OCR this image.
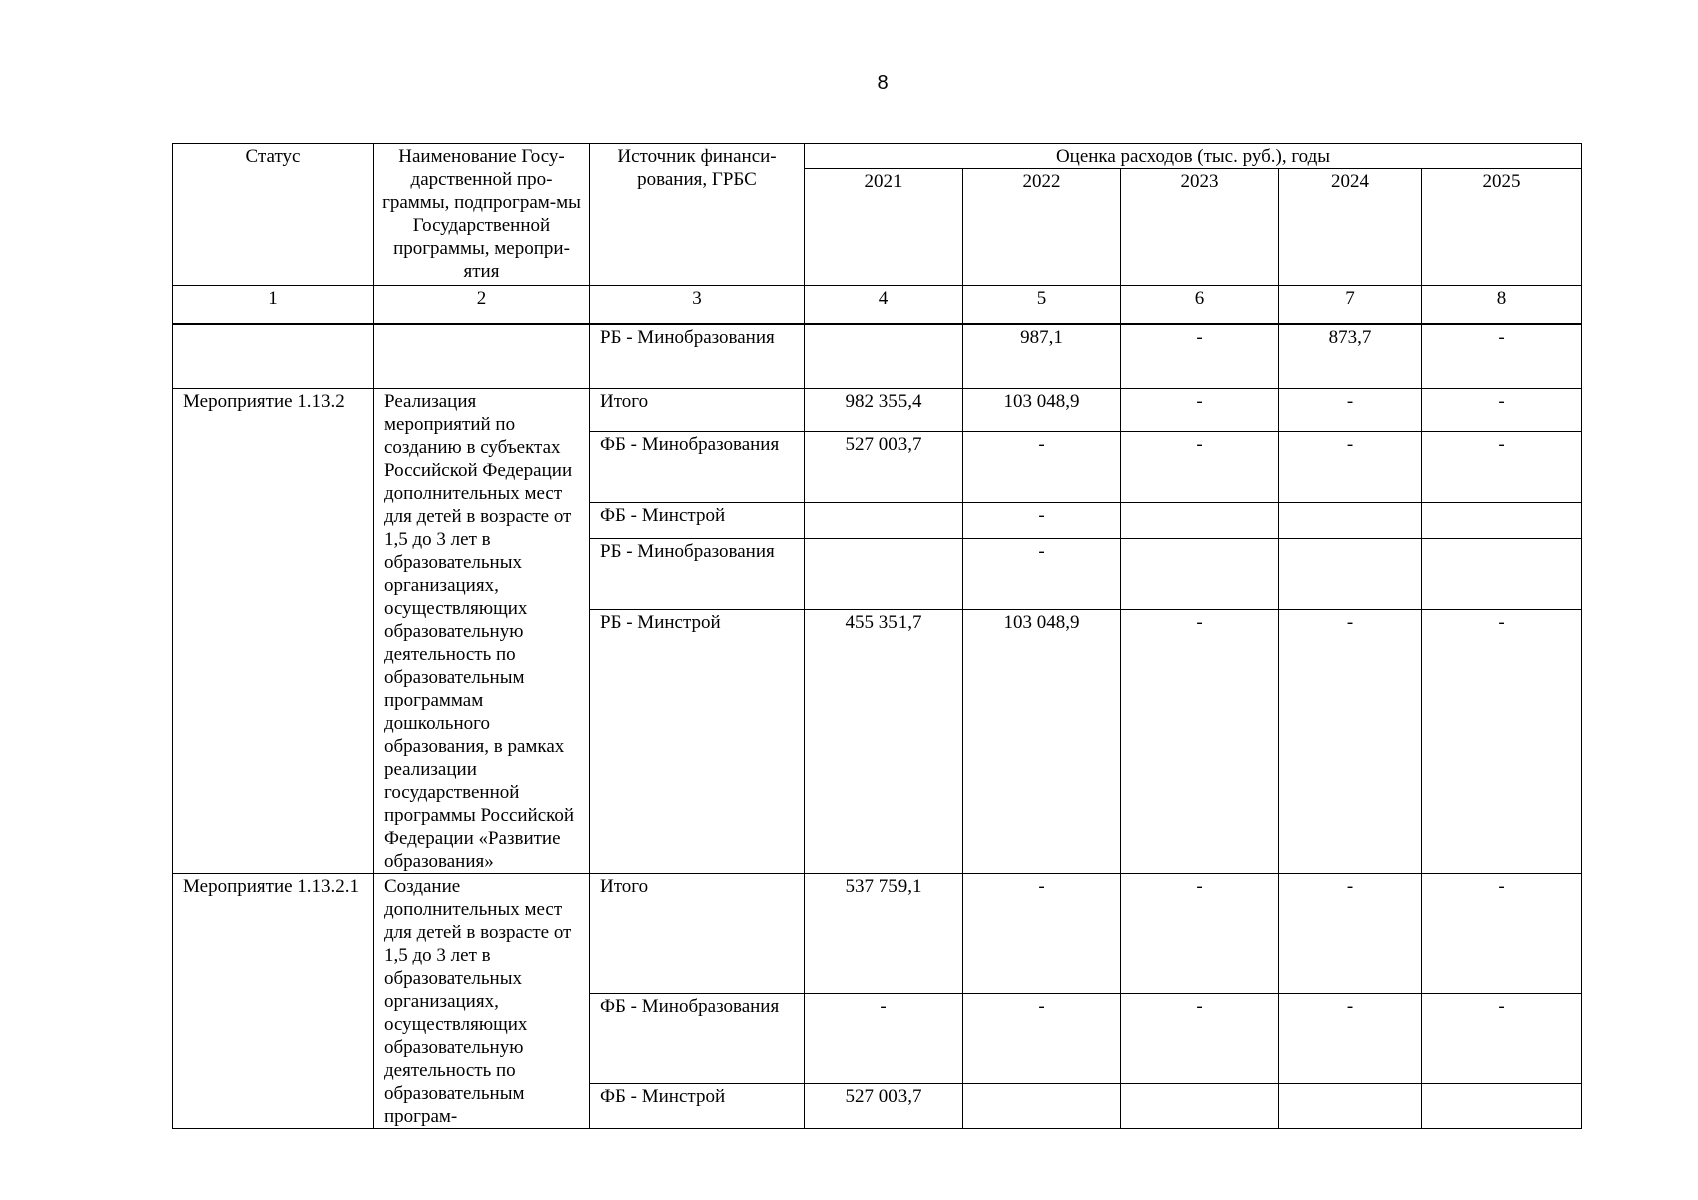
8
Статус	Наименование Госу-дарственной про-граммы, подпрограм-мы Государственной программы, меропри-ятия	Источник финанси-рования, ГРБС	Оценка расходов (тыс. руб.), годы				
			2021	2022	2023	2024	2025
1	2	3	4	5	6	7	8
		РБ - Минобразования		987,1	-	873,7	-
Мероприятие 1.13.2	Реализация мероприятий по созданию в субъектах Российской Федерации дополнительных мест для детей в возрасте от 1,5 до 3 лет в образовательных организациях, осуществляющих образовательную деятельность по образовательным программам дошкольного образования, в рамках реализации государственной программы Российской Федерации «Развитие образования»	Итого	982 355,4	103 048,9	-	-	-
		ФБ - Минобразования	527 003,7	-	-	-	-
		ФБ - Минстрой		-			
		РБ - Минобразования		-			
		РБ - Минстрой	455 351,7	103 048,9	-	-	-
Мероприятие 1.13.2.1	Создание дополнительных мест для детей в возрасте от 1,5 до 3 лет в образовательных организациях, осуществляющих образовательную деятельность по образовательным програм-	Итого	537 759,1	-	-	-	-
		ФБ - Минобразования	-	-	-	-	-
		ФБ - Минстрой	527 003,7				
